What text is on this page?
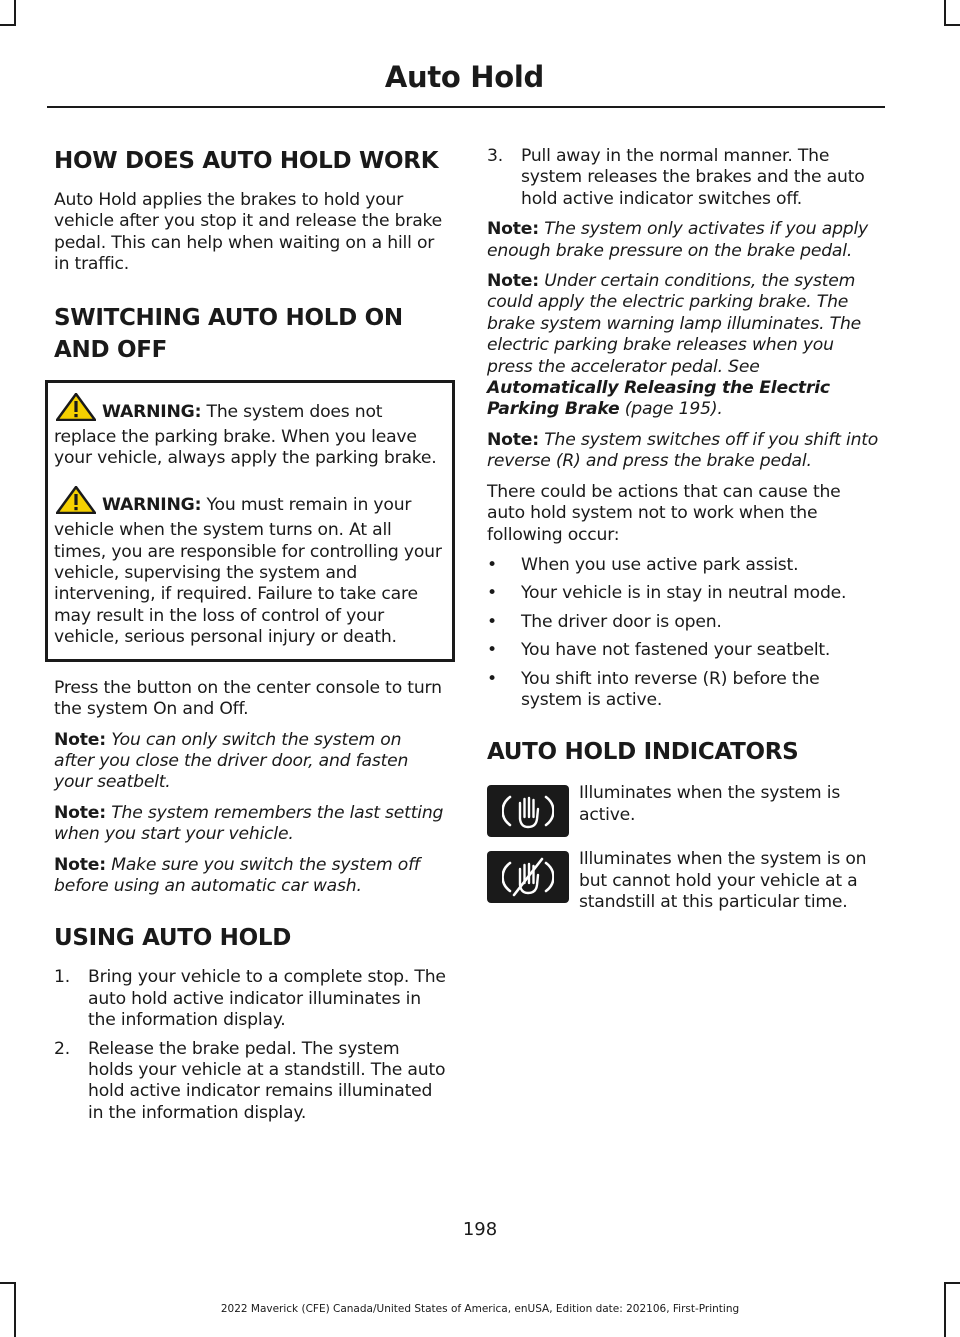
Auto Hold
HOW DOES AUTO HOLD WORK

Auto Hold applies the brakes to hold your vehicle after you stop it and release the brake pedal. This can help when waiting on a hill or in traffic.

SWITCHING AUTO HOLD ON AND OFF
WARNING: The system does not replace the parking brake. When you leave your vehicle, always apply the parking brake.
WARNING: You must remain in your vehicle when the system turns on. At all times, you are responsible for controlling your vehicle, supervising the system and intervening, if required. Failure to take care may result in the loss of control of your vehicle, serious personal injury or death.

Press the button on the center console to turn the system On and Off.

Note: You can only switch the system on after you close the driver door, and fasten your seatbelt.

Note: The system remembers the last setting when you start your vehicle.

Note: Make sure you switch the system off before using an automatic car wash.

USING AUTO HOLD
1. Bring your vehicle to a complete stop. The auto hold active indicator illuminates in the information display.
2. Release the brake pedal. The system holds your vehicle at a standstill. The auto hold active indicator remains illuminated in the information display.
3. Pull away in the normal manner. The system releases the brakes and the auto hold active indicator switches off.

Note: The system only activates if you apply enough brake pressure on the brake pedal.

Note: Under certain conditions, the system could apply the electric parking brake. The brake system warning lamp illuminates. The electric parking brake releases when you press the accelerator pedal. See Automatically Releasing the Electric Parking Brake (page 195).

Note: The system switches off if you shift into reverse (R) and press the brake pedal.

There could be actions that can cause the auto hold system not to work when the following occur:

• When you use active park assist.
• Your vehicle is in stay in neutral mode.
• The driver door is open.
• You have not fastened your seatbelt.
• You shift into reverse (R) before the system is active.
AUTO HOLD INDICATORS

Illuminates when the system is active.

Illuminates when the system is on but cannot hold your vehicle at a standstill at this particular time.

198
2022 Maverick (CFE) Canada/United States of America, enUSA, Edition date: 202106, First-Printing
